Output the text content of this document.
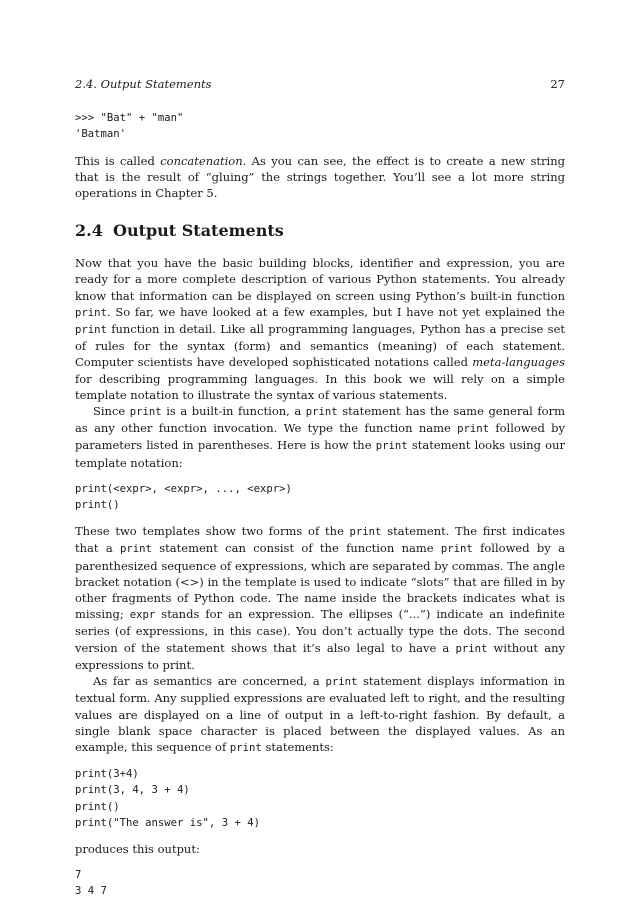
2.4. Output Statements	27
>>> "Bat" + "man"
'Batman'

This is called concatenation. As you can see, the effect is to create a new string that is the result of “gluing” the strings together. You’ll see a lot more string operations in Chapter 5.

2.4 Output Statements

Now that you have the basic building blocks, identifier and expression, you are ready for a more complete description of various Python statements. You already know that information can be displayed on screen using Python’s built-in function print. So far, we have looked at a few examples, but I have not yet explained the print function in detail. Like all programming languages, Python has a precise set of rules for the syntax (form) and semantics (meaning) of each statement. Computer scientists have developed sophisticated notations called meta-languages for describing programming languages. In this book we will rely on a simple template notation to illustrate the syntax of various statements.

Since print is a built-in function, a print statement has the same general form as any other function invocation. We type the function name print followed by parameters listed in parentheses. Here is how the print statement looks using our template notation:

print(<expr>, <expr>, ..., <expr>)
print()

These two templates show two forms of the print statement. The first indicates that a print statement can consist of the function name print followed by a parenthesized sequence of expressions, which are separated by commas. The angle bracket notation (<>) in the template is used to indicate “slots” that are filled in by other fragments of Python code. The name inside the brackets indicates what is missing; expr stands for an expression. The ellipses (“...”) indicate an indefinite series (of expressions, in this case). You don’t actually type the dots. The second version of the statement shows that it’s also legal to have a print without any expressions to print.

As far as semantics are concerned, a print statement displays information in textual form. Any supplied expressions are evaluated left to right, and the resulting values are displayed on a line of output in a left-to-right fashion. By default, a single blank space character is placed between the displayed values. As an example, this sequence of print statements:

print(3+4)
print(3, 4, 3 + 4)
print()
print("The answer is", 3 + 4)

produces this output:

7
3 4 7
